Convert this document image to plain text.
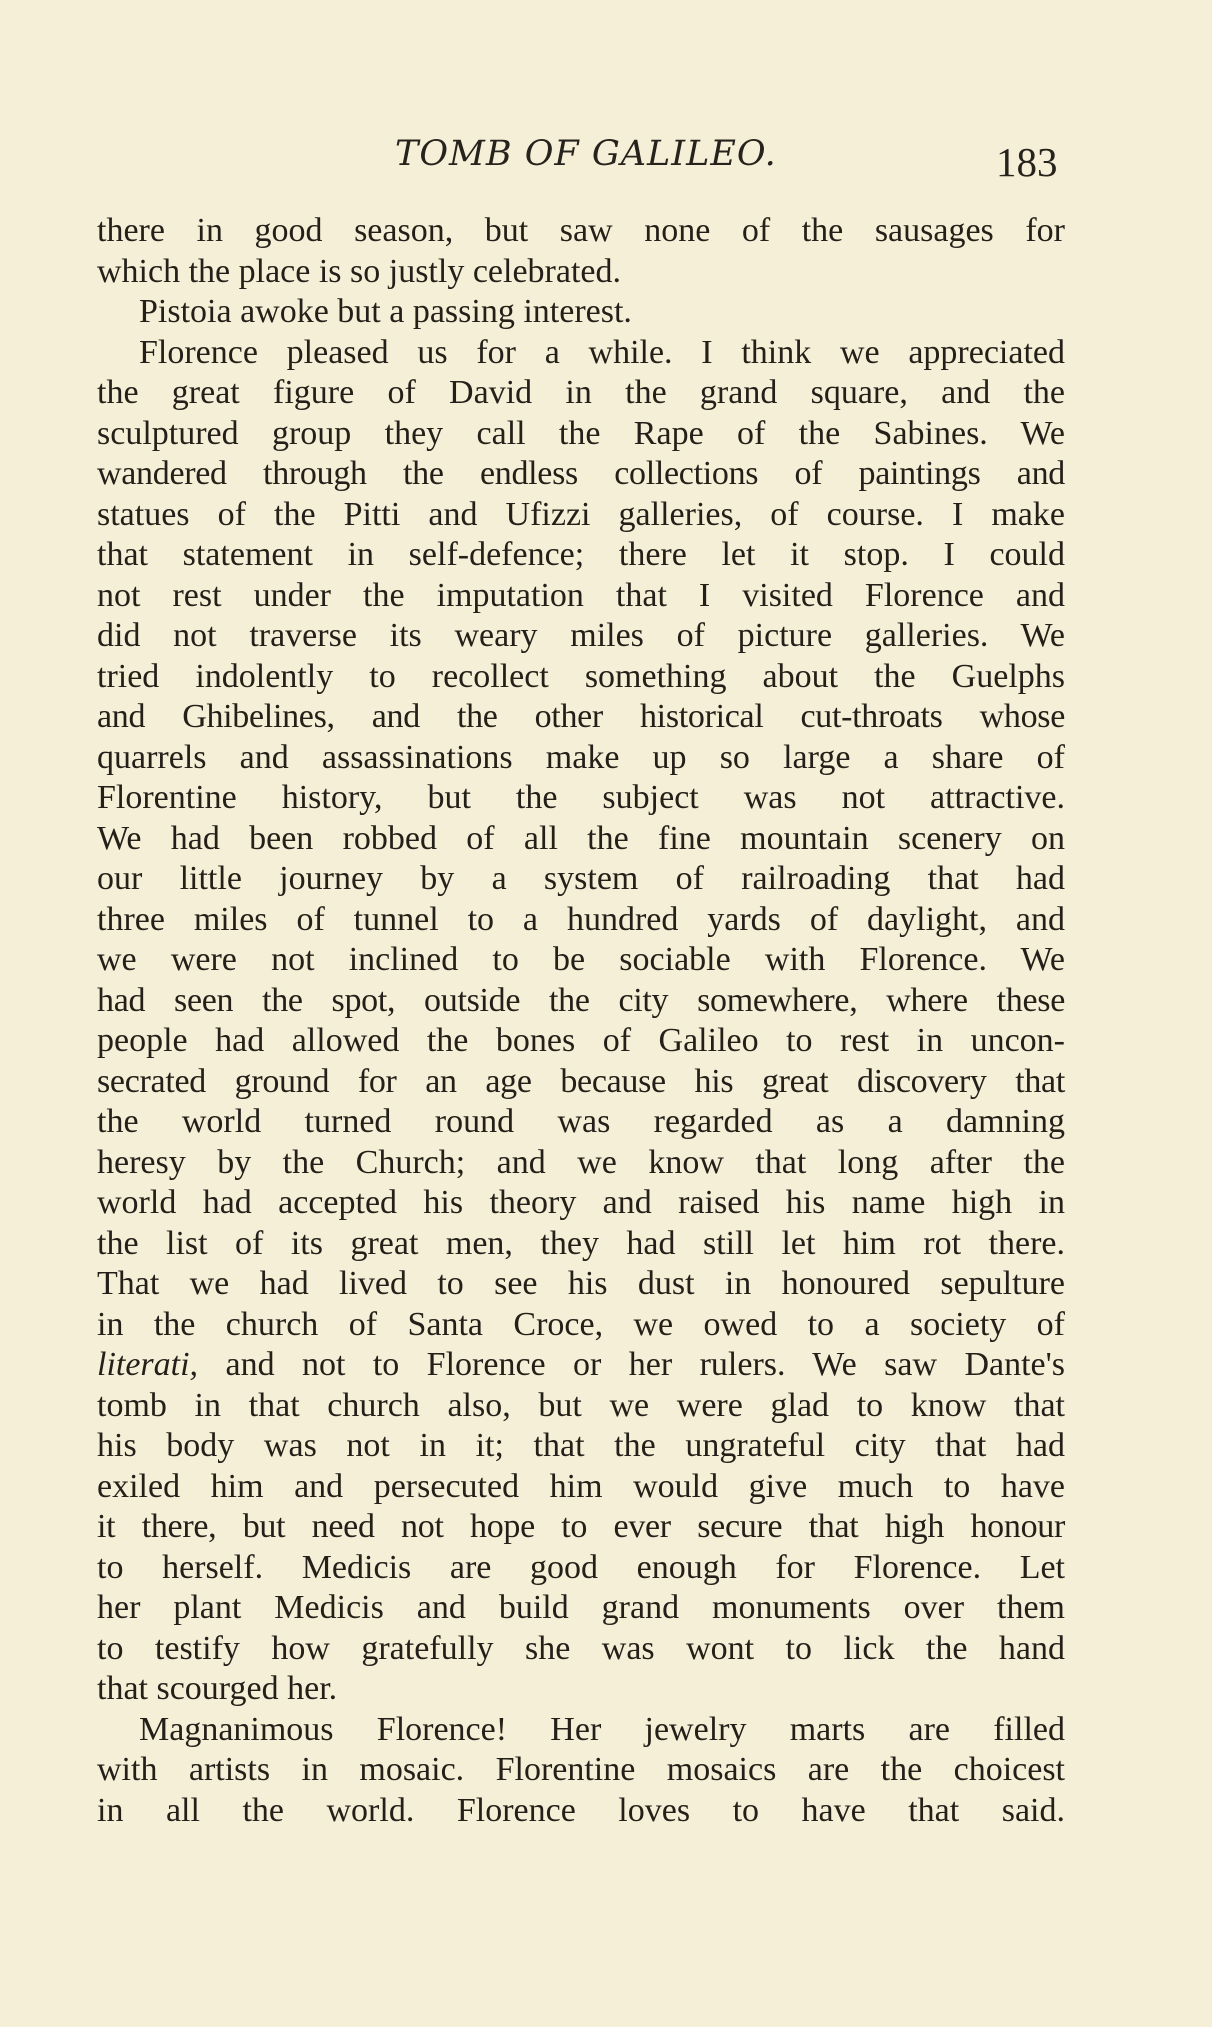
TOMB OF GALILEO.	183
there in good season, but saw none of the sausages for
which the place is so justly celebrated.
Pistoia awoke but a passing interest.
Florence pleased us for a while. I think we appreciated
the great figure of David in the grand square, and the
sculptured group they call the Rape of the Sabines. We
wandered through the endless collections of paintings and
statues of the Pitti and Ufizzi galleries, of course. I make
that statement in self-defence; there let it stop. I could
not rest under the imputation that I visited Florence and
did not traverse its weary miles of picture galleries. We
tried indolently to recollect something about the Guelphs
and Ghibelines, and the other historical cut-throats whose
quarrels and assassinations make up so large a share of
Florentine history, but the subject was not attractive.
We had been robbed of all the fine mountain scenery on
our little journey by a system of railroading that had
three miles of tunnel to a hundred yards of daylight, and
we were not inclined to be sociable with Florence. We
had seen the spot, outside the city somewhere, where these
people had allowed the bones of Galileo to rest in uncon-
secrated ground for an age because his great discovery that
the world turned round was regarded as a damning
heresy by the Church; and we know that long after the
world had accepted his theory and raised his name high in
the list of its great men, they had still let him rot there.
That we had lived to see his dust in honoured sepulture
in the church of Santa Croce, we owed to a society of
literati, and not to Florence or her rulers. We saw Dante's
tomb in that church also, but we were glad to know that
his body was not in it; that the ungrateful city that had
exiled him and persecuted him would give much to have
it there, but need not hope to ever secure that high honour
to herself. Medicis are good enough for Florence. Let
her plant Medicis and build grand monuments over them
to testify how gratefully she was wont to lick the hand
that scourged her.
Magnanimous Florence! Her jewelry marts are filled
with artists in mosaic. Florentine mosaics are the choicest
in all the world. Florence loves to have that said.
